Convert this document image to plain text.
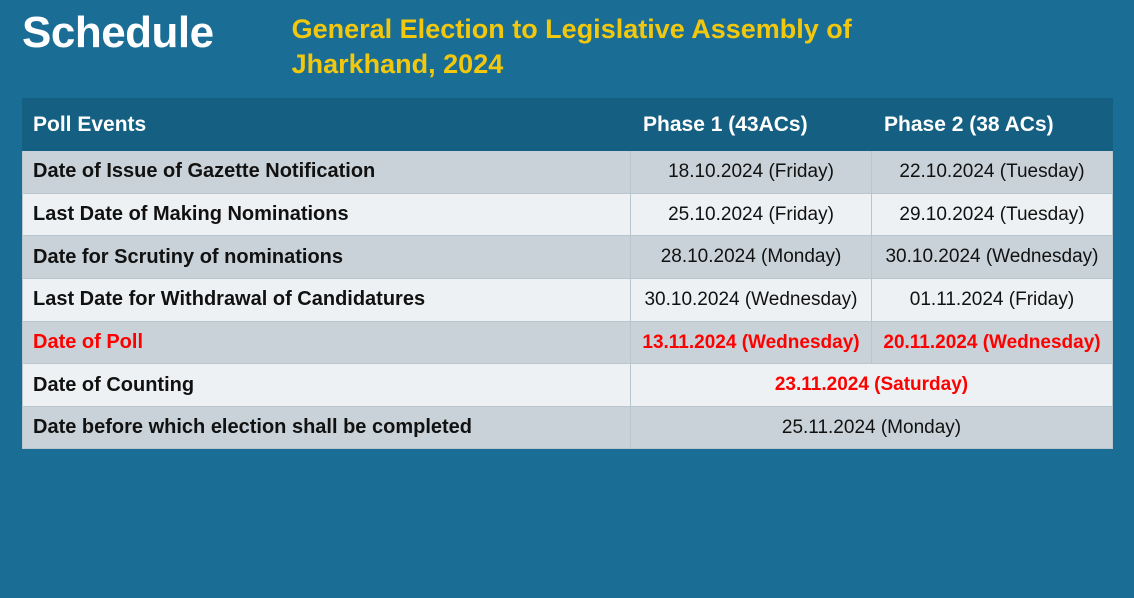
Schedule	General Election to Legislative Assembly of Jharkhand, 2024
Poll Events	Phase 1 (43ACs)	Phase 2 (38 ACs)
Date of Issue of Gazette Notification	18.10.2024 (Friday)	22.10.2024 (Tuesday)
Last Date of Making Nominations	25.10.2024 (Friday)	29.10.2024 (Tuesday)
Date for Scrutiny of nominations	28.10.2024 (Monday)	30.10.2024 (Wednesday)
Last Date for Withdrawal of Candidatures	30.10.2024 (Wednesday)	01.11.2024 (Friday)
Date of Poll	13.11.2024 (Wednesday)	20.11.2024 (Wednesday)
Date of Counting	23.11.2024 (Saturday)	
Date before which election shall be completed	25.11.2024 (Monday)	
